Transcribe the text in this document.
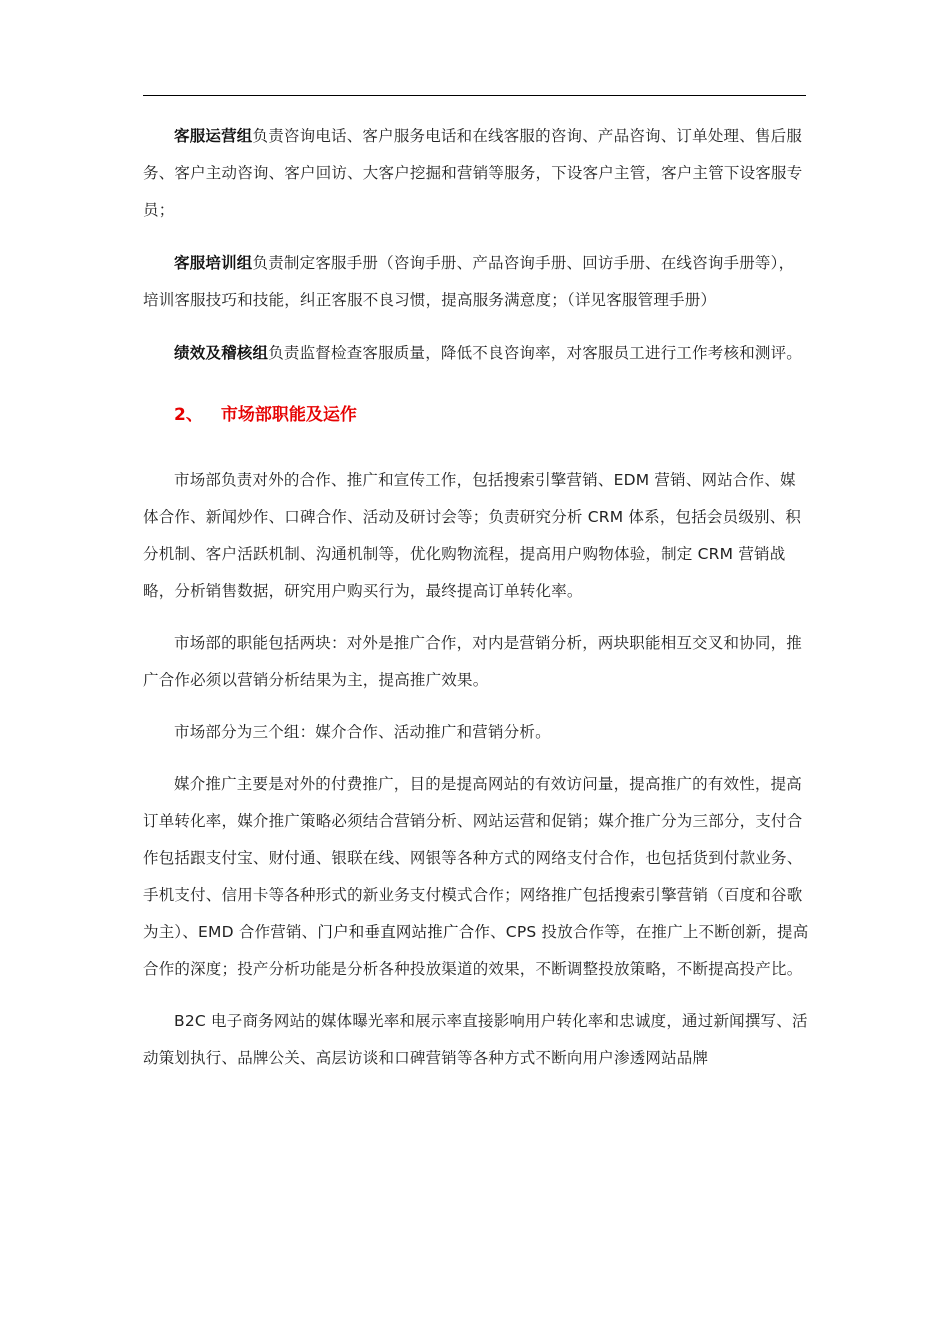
客服运营组负责咨询电话、客户服务电话和在线客服的咨询、产品咨询、订单处理、售后服务、客户主动咨询、客户回访、大客户挖掘和营销等服务，下设客户主管，客户主管下设客服专员；

客服培训组负责制定客服手册（咨询手册、产品咨询手册、回访手册、在线咨询手册等），培训客服技巧和技能，纠正客服不良习惯，提高服务满意度；（详见客服管理手册）

绩效及稽核组负责监督检查客服质量，降低不良咨询率，对客服员工进行工作考核和测评。

2、 市场部职能及运作

市场部负责对外的合作、推广和宣传工作，包括搜索引擎营销、EDM 营销、网站合作、媒体合作、新闻炒作、口碑合作、活动及研讨会等；负责研究分析 CRM 体系，包括会员级别、积分机制、客户活跃机制、沟通机制等，优化购物流程，提高用户购物体验，制定 CRM 营销战略，分析销售数据，研究用户购买行为，最终提高订单转化率。

市场部的职能包括两块：对外是推广合作，对内是营销分析，两块职能相互交叉和协同，推广合作必须以营销分析结果为主，提高推广效果。

市场部分为三个组：媒介合作、活动推广和营销分析。

媒介推广主要是对外的付费推广，目的是提高网站的有效访问量，提高推广的有效性，提高订单转化率，媒介推广策略必须结合营销分析、网站运营和促销；媒介推广分为三部分，支付合作包括跟支付宝、财付通、银联在线、网银等各种方式的网络支付合作，也包括货到付款业务、手机支付、信用卡等各种形式的新业务支付模式合作；网络推广包括搜索引擎营销（百度和谷歌为主）、EMD 合作营销、门户和垂直网站推广合作、CPS 投放合作等，在推广上不断创新，提高合作的深度；投产分析功能是分析各种投放渠道的效果，不断调整投放策略，不断提高投产比。

B2C 电子商务网站的媒体曝光率和展示率直接影响用户转化率和忠诚度，通过新闻撰写、活动策划执行、品牌公关、高层访谈和口碑营销等各种方式不断向用户渗透网站品牌
